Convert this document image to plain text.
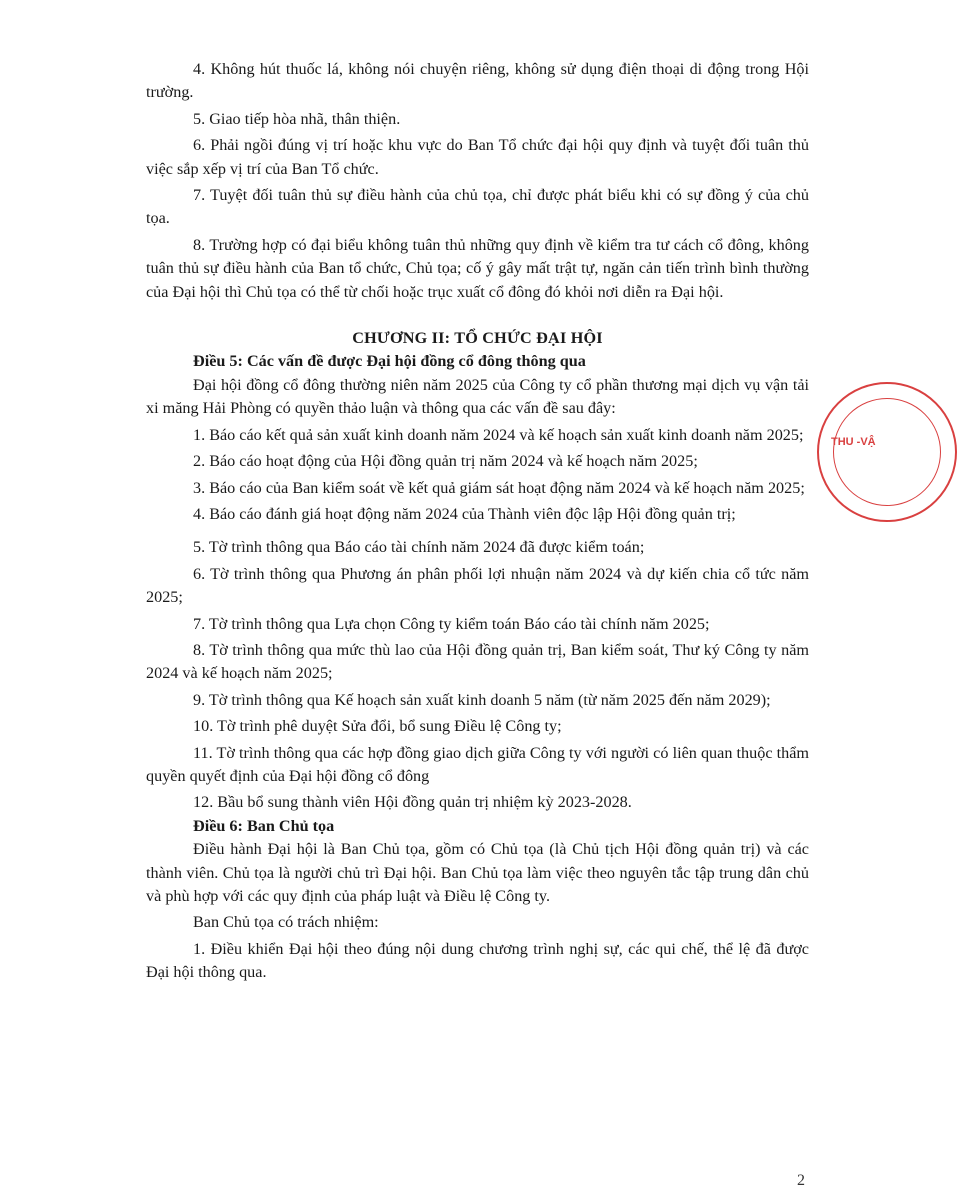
4. Không hút thuốc lá, không nói chuyện riêng, không sử dụng điện thoại di động trong Hội trường.

5. Giao tiếp hòa nhã, thân thiện.

6. Phải ngồi đúng vị trí hoặc khu vực do Ban Tổ chức đại hội quy định và tuyệt đối tuân thủ việc sắp xếp vị trí của Ban Tổ chức.

7. Tuyệt đối tuân thủ sự điều hành của chủ tọa, chỉ được phát biểu khi có sự đồng ý của chủ tọa.

8. Trường hợp có đại biểu không tuân thủ những quy định về kiểm tra tư cách cổ đông, không tuân thủ sự điều hành của Ban tổ chức, Chủ tọa; cố ý gây mất trật tự, ngăn cản tiến trình bình thường của Đại hội thì Chủ tọa có thể từ chối hoặc trục xuất cổ đông đó khỏi nơi diễn ra Đại hội.

CHƯƠNG II: TỔ CHỨC ĐẠI HỘI

Điều 5: Các vấn đề được Đại hội đồng cổ đông thông qua

Đại hội đồng cổ đông thường niên năm 2025 của Công ty cổ phần thương mại dịch vụ vận tải xi măng Hải Phòng có quyền thảo luận và thông qua các vấn đề sau đây:

1. Báo cáo kết quả sản xuất kinh doanh năm 2024 và kế hoạch sản xuất kinh doanh năm 2025;

2. Báo cáo hoạt động của Hội đồng quản trị năm 2024 và kế hoạch năm 2025;

3. Báo cáo của Ban kiểm soát về kết quả giám sát hoạt động năm 2024 và kế hoạch năm 2025;

4. Báo cáo đánh giá hoạt động năm 2024 của Thành viên độc lập Hội đồng quản trị;

5. Tờ trình thông qua Báo cáo tài chính năm 2024 đã được kiểm toán;

6. Tờ trình thông qua Phương án phân phối lợi nhuận năm 2024 và dự kiến chia cổ tức năm 2025;

7. Tờ trình thông qua Lựa chọn Công ty kiểm toán Báo cáo tài chính năm 2025;

8. Tờ trình thông qua mức thù lao của Hội đồng quản trị, Ban kiểm soát, Thư ký Công ty năm 2024 và kế hoạch năm 2025;

9. Tờ trình thông qua Kế hoạch sản xuất kinh doanh 5 năm (từ năm 2025 đến năm 2029);

10. Tờ trình phê duyệt Sửa đổi, bổ sung Điều lệ Công ty;

11. Tờ trình thông qua các hợp đồng giao dịch giữa Công ty với người có liên quan thuộc thẩm quyền quyết định của Đại hội đồng cổ đông

12. Bầu bổ sung thành viên Hội đồng quản trị nhiệm kỳ 2023-2028.

Điều 6: Ban Chủ tọa

Điều hành Đại hội là Ban Chủ tọa, gồm có Chủ tọa (là Chủ tịch Hội đồng quản trị) và các thành viên. Chủ tọa là người chủ trì Đại hội. Ban Chủ tọa làm việc theo nguyên tắc tập trung dân chủ và phù hợp với các quy định của pháp luật và Điều lệ Công ty.

Ban Chủ tọa có trách nhiệm:

1. Điều khiển Đại hội theo đúng nội dung chương trình nghị sự, các qui chế, thể lệ đã được Đại hội thông qua.

THU -VẬ
2
